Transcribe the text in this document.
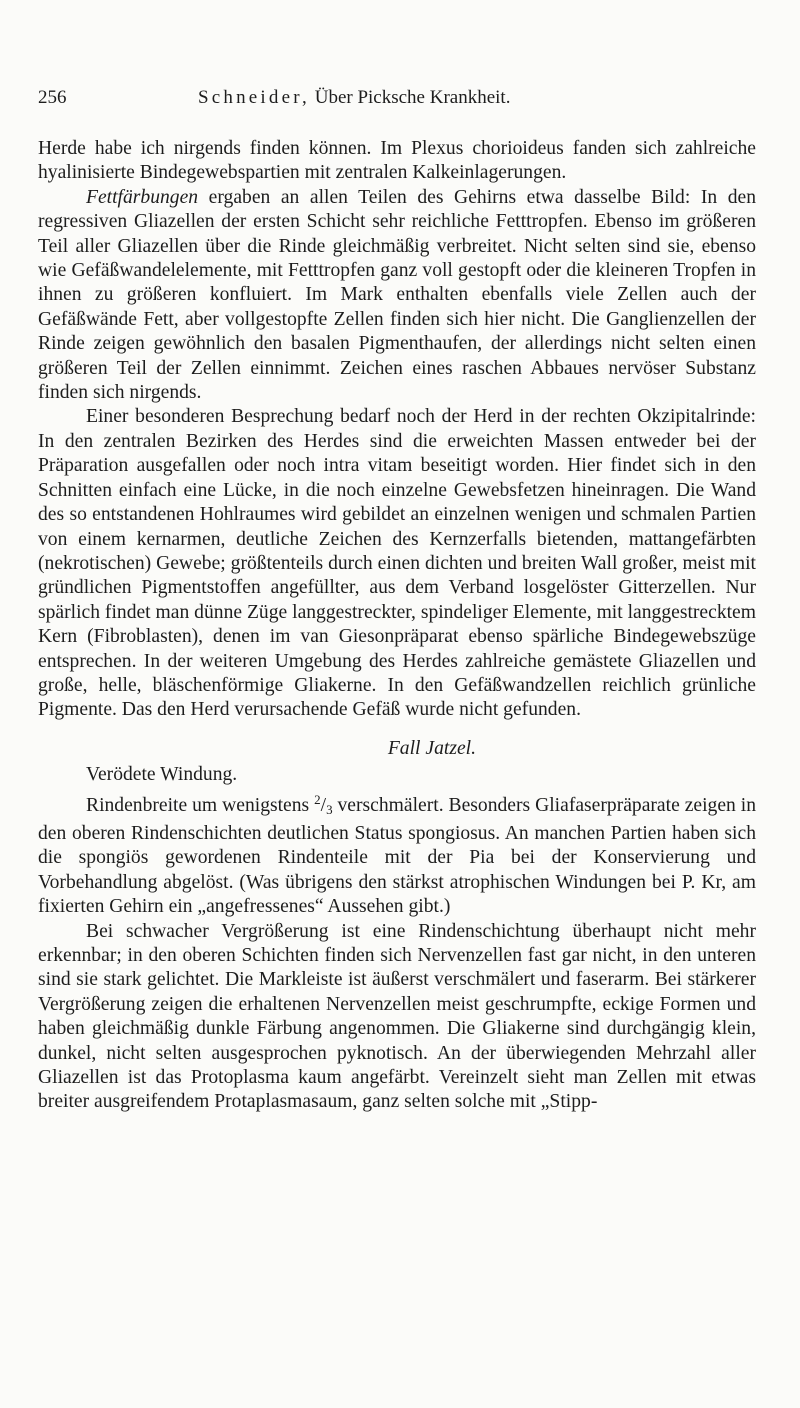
256	Schneider, Über Picksche Krankheit.

Herde habe ich nirgends finden können. Im Plexus chorioideus fanden sich zahlreiche hyalinisierte Bindegewebspartien mit zentralen Kalkeinlagerungen.

Fettfärbungen ergaben an allen Teilen des Gehirns etwa dasselbe Bild: In den regressiven Gliazellen der ersten Schicht sehr reichliche Fetttropfen. Ebenso im größeren Teil aller Gliazellen über die Rinde gleichmäßig verbreitet. Nicht selten sind sie, ebenso wie Gefäßwandelelemente, mit Fetttropfen ganz voll gestopft oder die kleineren Tropfen in ihnen zu größeren konfluiert. Im Mark enthalten ebenfalls viele Zellen auch der Gefäßwände Fett, aber vollgestopfte Zellen finden sich hier nicht. Die Ganglienzellen der Rinde zeigen gewöhnlich den basalen Pigmenthaufen, der allerdings nicht selten einen größeren Teil der Zellen einnimmt. Zeichen eines raschen Abbaues nervöser Substanz finden sich nirgends.

Einer besonderen Besprechung bedarf noch der Herd in der rechten Okzipitalrinde: In den zentralen Bezirken des Herdes sind die erweichten Massen entweder bei der Präparation ausgefallen oder noch intra vitam beseitigt worden. Hier findet sich in den Schnitten einfach eine Lücke, in die noch einzelne Gewebsfetzen hineinragen. Die Wand des so entstandenen Hohlraumes wird gebildet an einzelnen wenigen und schmalen Partien von einem kernarmen, deutliche Zeichen des Kernzerfalls bietenden, mattangefärbten (nekrotischen) Gewebe; größtenteils durch einen dichten und breiten Wall großer, meist mit gründlichen Pigmentstoffen angefüllter, aus dem Verband losgelöster Gitterzellen. Nur spärlich findet man dünne Züge langgestreckter, spindeliger Elemente, mit langgestrecktem Kern (Fibroblasten), denen im van Giesonpräparat ebenso spärliche Bindegewebszüge entsprechen. In der weiteren Umgebung des Herdes zahlreiche gemästete Gliazellen und große, helle, bläschenförmige Gliakerne. In den Gefäßwandzellen reichlich grünliche Pigmente. Das den Herd verursachende Gefäß wurde nicht gefunden.

Fall Jatzel.

Verödete Windung.

Rindenbreite um wenigstens $^2/_3$ verschmälert. Besonders Gliafaserpräparate zeigen in den oberen Rindenschichten deutlichen Status spongiosus. An manchen Partien haben sich die spongiös gewordenen Rindenteile mit der Pia bei der Konservierung und Vorbehandlung abgelöst. (Was übrigens den stärkst atrophischen Windungen bei P. Kr, am fixierten Gehirn ein „angefressenes“ Aussehen gibt.)

Bei schwacher Vergrößerung ist eine Rindenschichtung überhaupt nicht mehr erkennbar; in den oberen Schichten finden sich Nervenzellen fast gar nicht, in den unteren sind sie stark gelichtet. Die Markleiste ist äußerst verschmälert und faserarm. Bei stärkerer Vergrößerung zeigen die erhaltenen Nervenzellen meist geschrumpfte, eckige Formen und haben gleichmäßig dunkle Färbung angenommen. Die Gliakerne sind durchgängig klein, dunkel, nicht selten ausgesprochen pyknotisch. An der überwiegenden Mehrzahl aller Gliazellen ist das Protoplasma kaum angefärbt. Vereinzelt sieht man Zellen mit etwas breiter ausgreifendem Protaplasmasaum, ganz selten solche mit „Stipp-
